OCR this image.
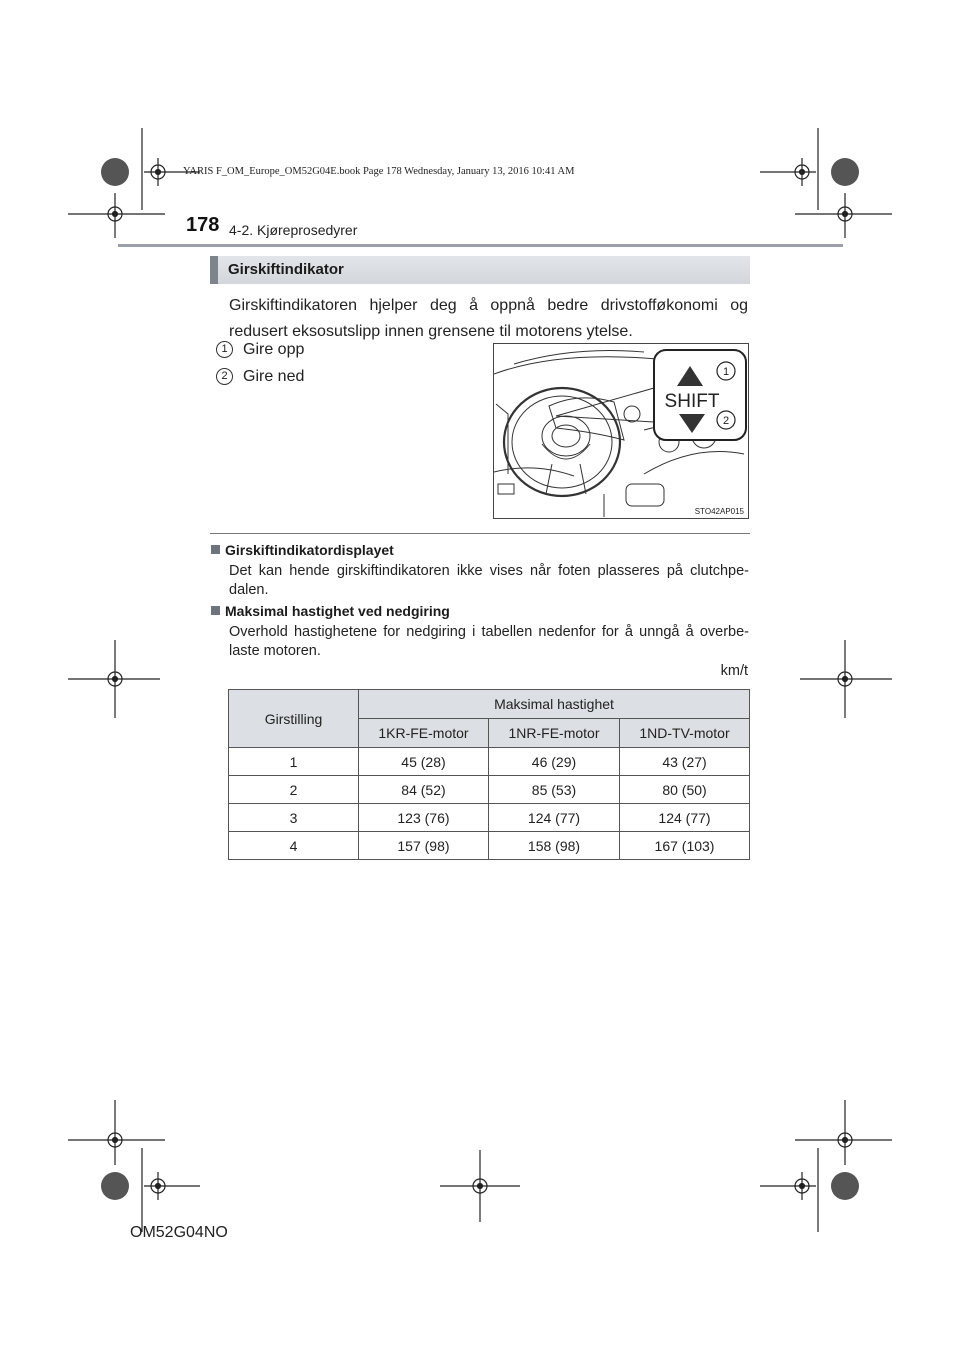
YARIS F_OM_Europe_OM52G04E.book Page 178 Wednesday, January 13, 2016 10:41 AM
178 4-2. Kjøreprosedyrer
Girskiftindikator
Girskiftindikatoren hjelper deg å oppnå bedre drivstofføkonomi og redusert eksosutslipp innen grensene til motorens ytelse.
1 Gire opp
2 Gire ned
SHIFT
1
2
STO42AP015
Girskiftindikatordisplayet
Det kan hende girskiftindikatoren ikke vises når foten plasseres på clutchpe-dalen.
Maksimal hastighet ved nedgiring
Overhold hastighetene for nedgiring i tabellen nedenfor for å unngå å overbe-laste motoren.
km/t
Girstilling	Maksimal hastighet		
	1KR-FE-motor	1NR-FE-motor	1ND-TV-motor
1	45 (28)	46 (29)	43 (27)
2	84 (52)	85 (53)	80 (50)
3	123 (76)	124 (77)	124 (77)
4	157 (98)	158 (98)	167 (103)
OM52G04NO
